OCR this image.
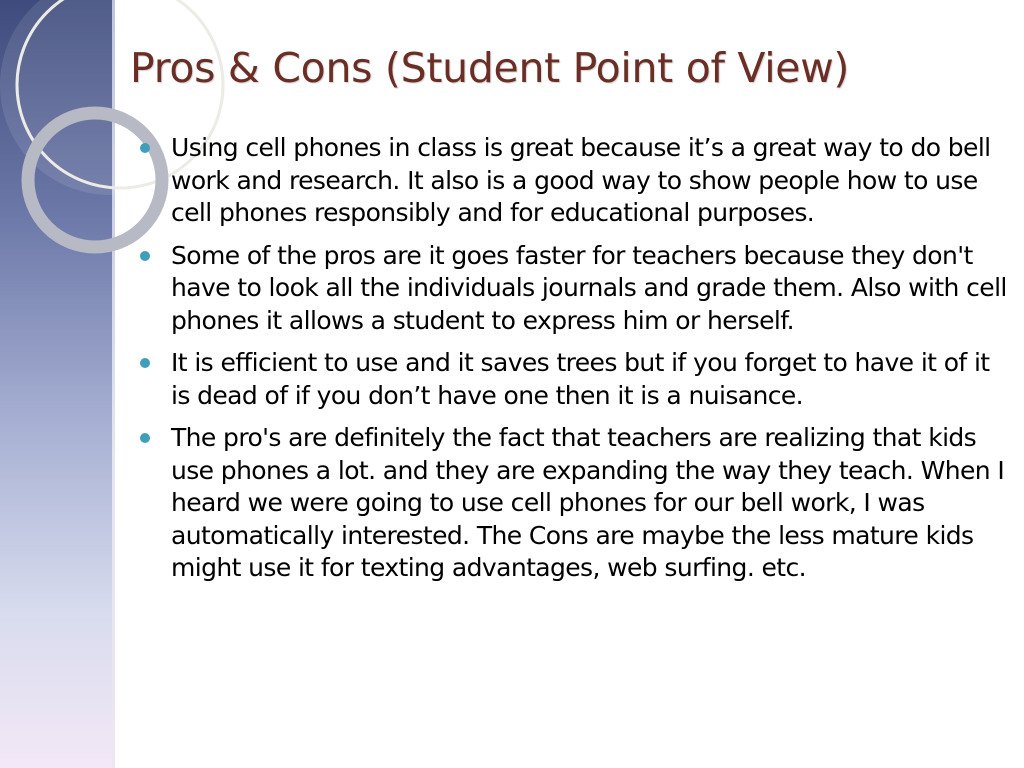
Pros & Cons (Student Point of View)
Using cell phones in class is great because it’s a great way to do bell work and research. It also is a good way to show people how to use cell phones responsibly and for educational purposes.
Some of the pros are it goes faster for teachers because they don't have to look all the individuals journals and grade them. Also with cell phones it allows a student to express him or herself.
It is efficient to use and it saves trees but if you forget to have it of it is dead of if you don’t have one then it is a nuisance.
The pro's are definitely the fact that teachers are realizing that kids use phones a lot. and they are expanding the way they teach. When I heard we were going to use cell phones for our bell work, I was automatically interested. The Cons are maybe the less mature kids might use it for texting advantages, web surfing. etc.
